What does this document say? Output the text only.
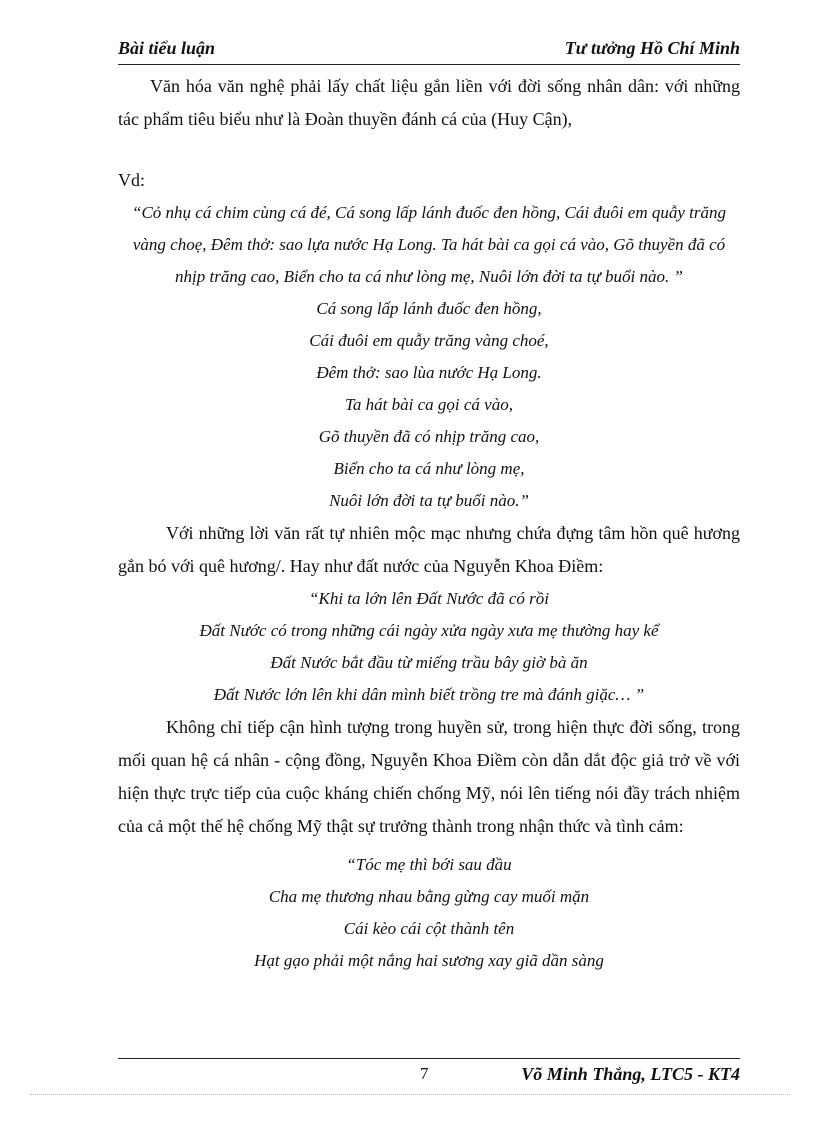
Bài tiểu luận	Tư tưởng Hồ Chí Minh

Văn hóa văn nghệ phải lấy chất liệu gắn liền với đời sống nhân dân: với những tác phẩm tiêu biểu như là Đoàn thuyền đánh cá của (Huy Cận),

Vd:

“Cỏ nhụ cá chim cùng cá đé, Cá song lấp lánh đuốc đen hồng, Cái đuôi em quẫy trăng vàng choẹ, Đêm thở: sao lựa nước Hạ Long. Ta hát bài ca gọi cá vào, Gõ thuyền đã có nhịp trăng cao, Biển cho ta cá như lòng mẹ, Nuôi lớn đời ta tự buổi nào. ”

Cá song lấp lánh đuốc đen hồng,
Cái đuôi em quẫy trăng vàng choé,
Đêm thở: sao lùa nước Hạ Long.
Ta hát bài ca gọi cá vào,
Gõ thuyền đã có nhịp trăng cao,
Biển cho ta cá như lòng mẹ,
Nuôi lớn đời ta tự buổi nào.”

Với những lời văn rất tự nhiên mộc mạc nhưng chứa đựng tâm hồn quê hương gắn bó với quê hương/. Hay như đất nước của Nguyễn Khoa Điềm:

“Khi ta lớn lên Đất Nước đã có rồi
Đất Nước có trong những cái ngày xửa ngày xưa mẹ thường hay kể
Đất Nước bắt đầu từ miếng trầu bây giờ bà ăn
Đất Nước lớn lên khi dân mình biết trồng tre mà đánh giặc… ”

Không chỉ tiếp cận hình tượng trong huyền sử, trong hiện thực đời sống, trong mối quan hệ cá nhân - cộng đồng, Nguyễn Khoa Điềm còn dẫn dắt độc giả trở về với hiện thực trực tiếp của cuộc kháng chiến chống Mỹ, nói lên tiếng nói đầy trách nhiệm của cả một thế hệ chống Mỹ thật sự trưởng thành trong nhận thức và tình cảm:

“Tóc mẹ thì bới sau đầu
Cha mẹ thương nhau bằng gừng cay muối mặn
Cái kèo cái cột thành tên
Hạt gạo phải một nắng hai sương xay giã dần sàng
7	Võ Minh Thắng, LTC5 - KT4
